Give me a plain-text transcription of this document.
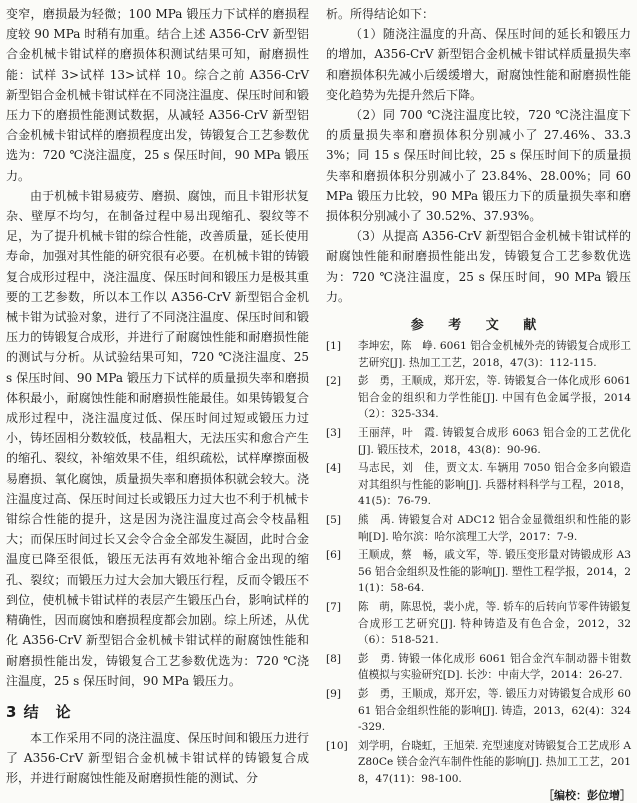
变窄，磨损最为轻微；100 MPa 锻压力下试样的磨损程度较 90 MPa 时稍有加重。结合上述 A356-CrV 新型铝合金机械卡钳试样的磨损体积测试结果可知，耐磨损性能：试样 3>试样 13>试样 10。综合之前 A356-CrV 新型铝合金机械卡钳试样在不同浇注温度、保压时间和锻压力下的磨损性能测试数据，从减轻 A356-CrV 新型铝合金机械卡钳试样的磨损程度出发，铸锻复合工艺参数优选为：720 ℃浇注温度，25 s 保压时间，90 MPa 锻压力。

由于机械卡钳易疲劳、磨损、腐蚀，而且卡钳形状复杂、壁厚不均匀，在制备过程中易出现缩孔、裂纹等不足，为了提升机械卡钳的综合性能，改善质量，延长使用寿命，加强对其性能的研究很有必要。在机械卡钳的铸锻复合成形过程中，浇注温度、保压时间和锻压力是极其重要的工艺参数，所以本工作以 A356-CrV 新型铝合金机械卡钳为试验对象，进行了不同浇注温度、保压时间和锻压力的铸锻复合成形，并进行了耐腐蚀性能和耐磨损性能的测试与分析。从试验结果可知，720 ℃浇注温度、25 s 保压时间、90 MPa 锻压力下试样的质量损失率和磨损体积最小，耐腐蚀性能和耐磨损性能最佳。如果铸锻复合成形过程中，浇注温度过低、保压时间过短或锻压力过小，铸坯固相分数较低，枝晶粗大，无法压实和愈合产生的缩孔、裂纹，补缩效果不佳，组织疏松，试样摩擦面极易磨损、氧化腐蚀，质量损失率和磨损体积就会较大。浇注温度过高、保压时间过长或锻压力过大也不利于机械卡钳综合性能的提升，这是因为浇注温度过高会令枝晶粗大；而保压时间过长又会令合金全部发生凝固，此时合金温度已降至很低，锻压无法再有效地补缩合金出现的缩孔、裂纹；而锻压力过大会加大锻压行程，反而令锻压不到位，使机械卡钳试样的表层产生锻压凸台，影响试样的精确性，因而腐蚀和磨损程度都会加剧。综上所述，从优化 A356-CrV 新型铝合金机械卡钳试样的耐腐蚀性能和耐磨损性能出发，铸锻复合工艺参数优选为：720 ℃浇注温度，25 s 保压时间，90 MPa 锻压力。

3 结　论

本工作采用不同的浇注温度、保压时间和锻压力进行了 A356-CrV 新型铝合金机械卡钳试样的铸锻复合成形，并进行耐腐蚀性能及耐磨损性能的测试、分

析。所得结论如下：

（1）随浇注温度的升高、保压时间的延长和锻压力的增加，A356-CrV 新型铝合金机械卡钳试样质量损失率和磨损体积先减小后缓缓增大，耐腐蚀性能和耐磨损性能变化趋势为先提升然后下降。

（2）同 700 ℃浇注温度比较，720 ℃浇注温度下的质量损失率和磨损体积分别减小了 27.46%、33.33%；同 15 s 保压时间比较，25 s 保压时间下的质量损失率和磨损体积分别减小了 23.84%、28.00%；同 60 MPa 锻压力比较，90 MPa 锻压力下的质量损失率和磨损体积分别减小了 30.52%、37.93%。

（3）从提高 A356-CrV 新型铝合金机械卡钳试样的耐腐蚀性能和耐磨损性能出发，铸锻复合工艺参数优选为：720 ℃浇注温度，25 s 保压时间，90 MPa 锻压力。

参 考 文 献
[1]	李坤宏，陈　峥. 6061 铝合金机械外壳的铸锻复合成形工艺研究[J]. 热加工工艺，2018，47(3)：112-115.
[2]	彭　勇，王顺成，郑开宏，等. 铸锻复合一体化成形 6061 铝合金的组织和力学性能[J]. 中国有色金属学报，2014（2）：325-334.
[3]	王丽萍，叶　霞. 铸锻复合成形 6063 铝合金的工艺优化[J]. 锻压技术，2018，43(8)：90-96.
[4]	马志民，刘　佳，贾文太. 车辆用 7050 铝合金多向锻造对其组织与性能的影响[J]. 兵器材料科学与工程，2018，41(5)：76-79.
[5]	熊　禹. 铸锻复合对 ADC12 铝合金显微组织和性能的影响[D]. 哈尔滨：哈尔滨理工大学，2017：7-9.
[6]	王顺成，蔡　畅，戚文军，等. 锻压变形量对铸锻成形 A356 铝合金组织及性能的影响[J]. 塑性工程学报，2014，21(1)：58-64.
[7]	陈　萌，陈思悦，裴小虎，等. 轿车的后转向节零件铸锻复合成形工艺研究[J]. 特种铸造及有色合金，2012，32（6）：518-521.
[8]	彭　勇. 铸锻一体化成形 6061 铝合金汽车制动器卡钳数值模拟与实验研究[D]. 长沙：中南大学，2014：26-27.
[9]	彭　勇，王顺成，郑开宏，等. 锻压力对铸锻复合成形 6061 铝合金组织性能的影响[J]. 铸造，2013，62(4)：324-329.
[10] 刘学明，台晓虹，王旭荣. 充型速度对铸锻复合工艺成形 AZ80Ce 镁合金汽车制件性能的影响[J]. 热加工工艺，2018，47(11)：98-100.
［编校：彭位增］
